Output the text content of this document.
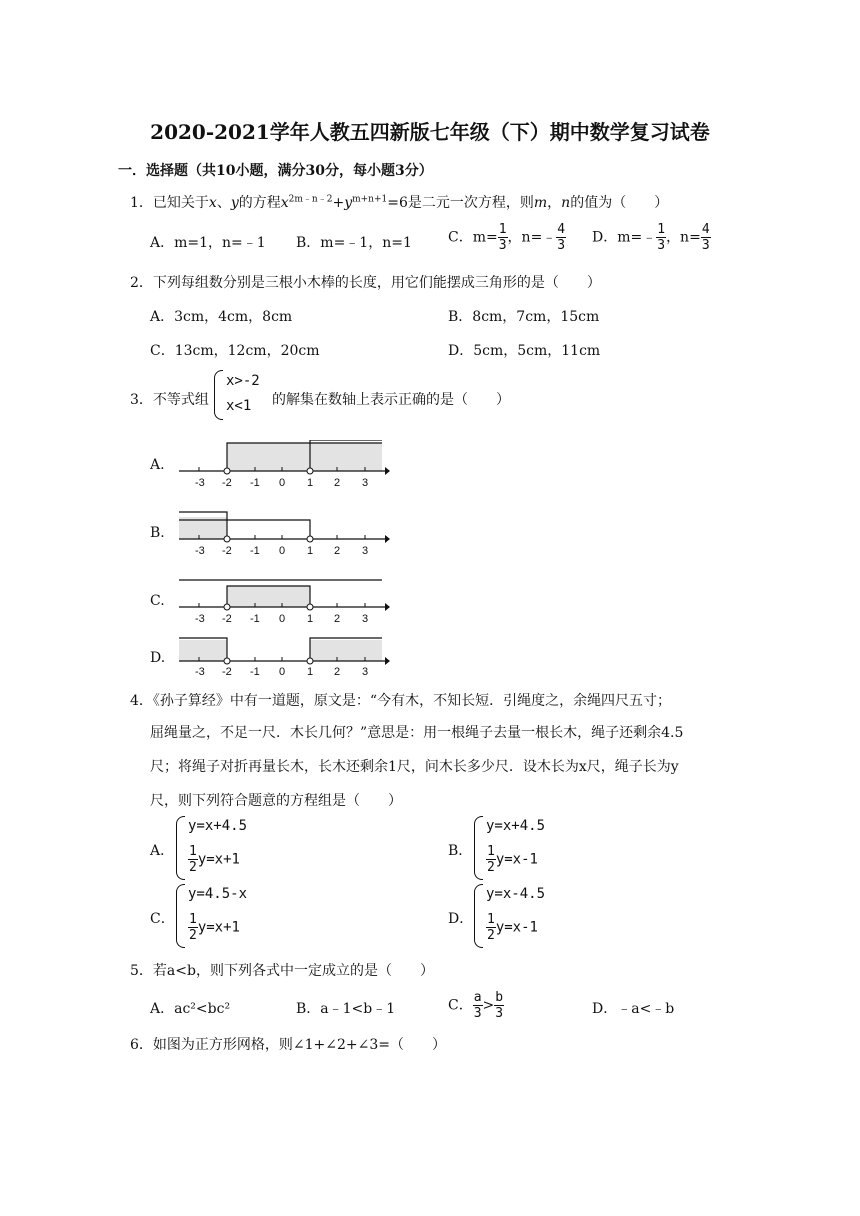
2020-2021学年人教五四新版七年级（下）期中数学复习试卷
一．选择题（共10小题，满分30分，每小题3分）
1．已知关于x、y的方程$x^{2m﹣n﹣2}+y^{m+n+1}=6$是二元一次方程，则m，n的值为（　　）
A．m=1，n=﹣1 B．m=﹣1，n=1	C．$m= \frac{1}{3}$ ，n=﹣ $\frac{4}{3}$ D．m=﹣ $\frac{1}{3}$ ，$n= \frac{4}{3}$
2．下列每组数分别是三根小木棒的长度，用它们能摆成三角形的是（　　）
A．3cm，4cm，8cm	B．8cm，7cm，15cm
C．13cm，12cm，20cm	D．5cm，5cm，11cm
3．不等式组
x>-2
x<1 的解集在数轴上表示正确的是（　　）
A.
-3 -2 -1 0 1 2 3
B.
-3 -2 -1 0 1 2 3
C.
-3 -2 -1 0 1 2 3
D.
-3 -2 -1 0 1 2 3
4．《孙子算经》中有一道题，原文是：“今有木，不知长短．引绳度之，余绳四尺五寸；
屈绳量之，不足一尺．木长几何？”意思是：用一根绳子去量一根长木，绳子还剩余4.5
尺；将绳子对折再量长木，长木还剩余1尺，问木长多少尺．设木长为x尺，绳子长为y
尺，则下列符合题意的方程组是（　　）
A．
y=x+4.5
$\frac{1}{2} y=x+1$
B．
y=x+4.5
$\frac{1}{2} y=x-1$
C．
y=4.5-x
$\frac{1}{2} y=x+1$
D．
y=x-4.5
$\frac{1}{2} y=x-1$
5．若a<b，则下列各式中一定成立的是（　　）
A．ac²<bc²	B．a﹣1<b﹣1	C． $\frac{a}{3} > \frac{b}{3}$	D．﹣a<﹣b
6．如图为正方形网格，则∠1+∠2+∠3=（　　）
